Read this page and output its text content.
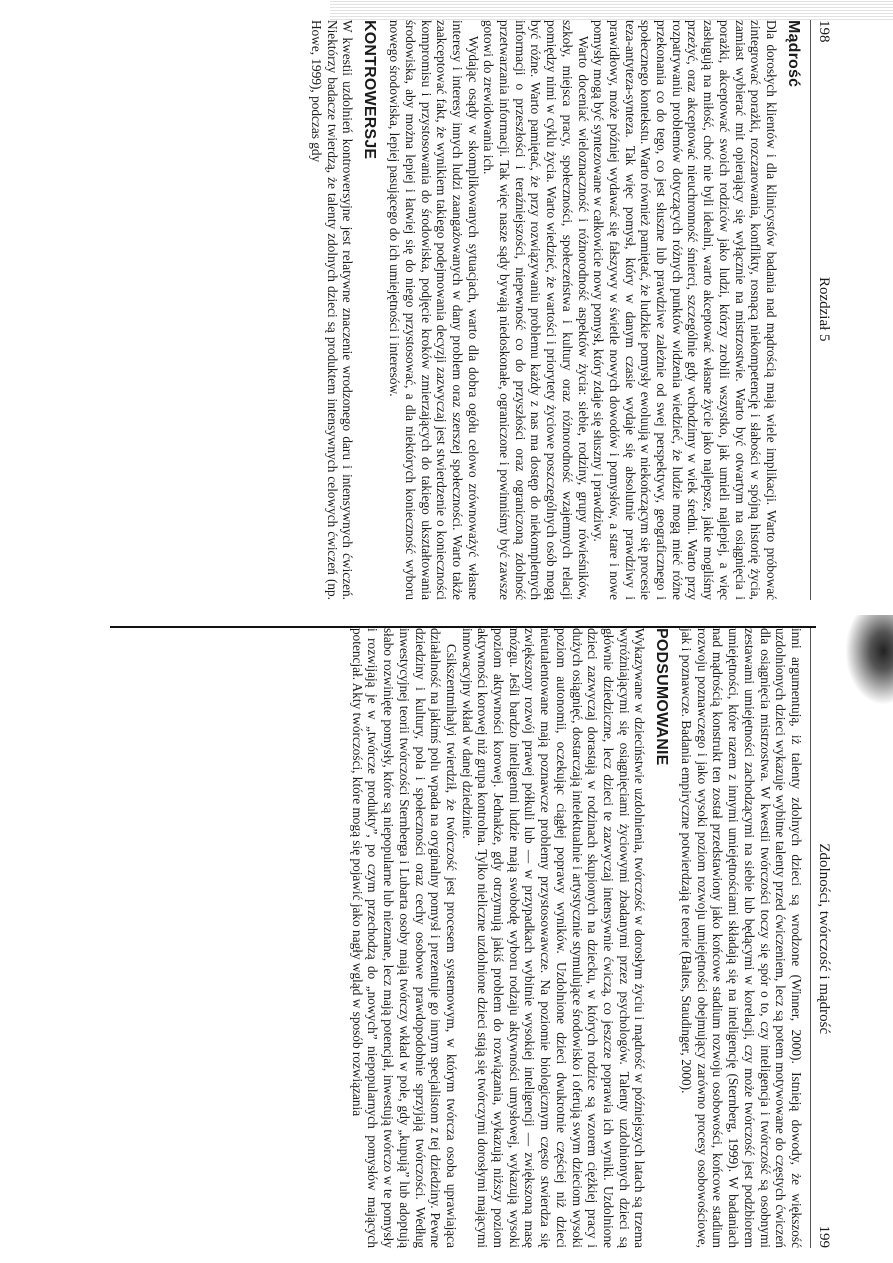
198
Rozdział 5
Mądrość

Dla dorosłych klientów i dla klinicystów badania nad mądrością mają wiele implikacji. Warto próbować zintegrować porażki, rozczarowania, konflikty, rosnącą niekompetencję i słabości w spójną historię życia, zamiast wybierać mit opierający się wyłącznie na mistrzostwie. Warto być otwartym na osiągnięcia i porażki, akceptować swoich rodziców jako ludzi, którzy zrobili wszystko, jak umieli najlepiej, a więc zasługują na miłość, choć nie byli idealni, warto akceptować własne życie jako najlepsze, jakie mogliśmy przeżyć, oraz akceptować nieuchronność śmierci, szczególnie gdy wchodzimy w wiek średni. Warto przy rozpatrywaniu problemów dotyczących różnych punktów widzenia wiedzieć, że ludzie mogą mieć różne przekonania co do tego, co jest słuszne lub prawdziwe zależnie od swej perspektywy, geograficznego i społecznego kontekstu. Warto również pamiętać, że ludzkie pomysły ewoluują w niekończącym się procesie teza-antyteza-synteza. Tak więc pomysł, który w danym czasie wydaje się absolutnie prawdziwy i prawidłowy, może później wydawać się fałszywy w świetle nowych dowodów i pomysłów, a stare i nowe pomysły mogą być syntezowane w całkowicie nowy pomysł, który zdaje się słuszny i prawdziwy.

Warto doceniać wieloznaczność i różnorodność aspektów życia: siebie, rodziny, grupy rówieśników, szkoły, miejsca pracy, społeczności, społeczeństwa i kultury oraz różnorodność wzajemnych relacji pomiędzy nimi w cyklu życia. Warto wiedzieć, że wartości i priorytety życiowe poszczególnych osób mogą być różne. Warto pamiętać, że przy rozwiązywaniu problemu każdy z nas ma dostęp do niekompletnych informacji o przeszłości i teraźniejszości, niepewność co do przyszłości oraz ograniczoną zdolność przetwarzania informacji. Tak więc nasze sądy bywają niedoskonałe, ograniczone i powinniśmy być zawsze gotowi do zrewidowania ich.

Wydając osądy w skomplikowanych sytuacjach, warto dla dobra ogółu celowo zrównoważyć własne interesy i interesy innych ludzi zaangażowanych w dany problem oraz szerszej społeczności. Warto także zaakceptować fakt, że wynikiem takiego podejmowania decyzji zazwyczaj jest stwierdzenie o konieczności kompromisu i przystosowania do środowiska, podjęcie kroków zmierzających do takiego ukształtowania środowiska, aby można lepiej i łatwiej się do niego przystosować, a dla niektórych konieczność wyboru nowego środowiska, lepiej pasującego do ich umiejętności i interesów.

KONTROWERSJE

W kwestii uzdolnień kontrowersyjne jest relatywne znaczenie wrodzonego daru i intensywnych ćwiczeń. Niektórzy badacze twierdzą, że talenty zdolnych dzieci są produktem intensywnych celowych ćwiczeń (np. Howe, 1999), podczas gdy

Zdolności, twórczość i mądrość
199

inni argumentują, iż talenty zdolnych dzieci są wrodzone (Winner, 2000). Istnieją dowody, że większość uzdolnionych dzieci wykazuje wybitne talenty przed ćwiczeniem, lecz są potem motywowane do częstych ćwiczeń dla osiągnięcia mistrzostwa. W kwestii twórczości toczy się spór o to, czy inteligencja i twórczość są osobnymi zestawami umiejętności zachodzącymi na siebie lub będącymi w korelacji, czy może twórczość jest podzbiorem umiejętności, które razem z innymi umiejętnościami składają się na inteligencję (Sternberg, 1999). W badaniach nad mądrością konstrukt ten został przedstawiony jako końcowe stadium rozwoju osobowości, końcowe stadium rozwoju poznawczego i jako wysoki poziom rozwoju umiejętności obejmujący zarówno procesy osobowościowe, jak i poznawcze. Badania empiryczne potwierdzają te teorie (Baltes, Staudinger, 2000).

PODSUMOWANIE

Wykazywane w dzieciństwie uzdolnienia, twórczość w dorosłym życiu i mądrość w późniejszych latach są trzema wyróżniającymi się osiągnięciami życiowymi zbadanymi przez psychologów. Talenty uzdolnionych dzieci są głównie dziedziczne, lecz dzieci te zazwyczaj intensywnie ćwiczą, co jeszcze poprawia ich wyniki. Uzdolnione dzieci zazwyczaj dorastają w rodzinach skupionych na dziecku, w których rodzice są wzorem ciężkiej pracy i dużych osiągnięć, dostarczają intelektualnie i artystycznie stymulujące środowisko i oferują swym dzieciom wysoki poziom autonomii, oczekując ciągłej poprawy wyników. Uzdolnione dzieci dwukrotnie częściej niż dzieci nieutalentowane mają poznawcze problemy przystosowawcze. Na poziomie biologicznym często stwierdza się zwiększony rozwój prawej półkuli lub — w przypadkach wybitnie wysokiej inteligencji — zwiększoną masę mózgu. Jeśli bardzo inteligentni ludzie mają swobodę wyboru rodzaju aktywności umysłowej, wykazują wysoki poziom aktywności korowej. Jednakże, gdy otrzymują jakiś problem do rozwiązania, wykazują niższy poziom aktywności korowej niż grupa kontrolna. Tylko nieliczne uzdolnione dzieci stają się twórczymi dorosłymi mającymi innowacyjny wkład w danej dziedzinie.

Csikszentmihalyi twierdził, że twórczość jest procesem systemowym, w którym twórcza osoba uprawiająca działalność na jakimś polu wpada na oryginalny pomysł i prezentuje go innym specjalistom z tej dziedziny. Pewne dziedziny i kultury, pola i społeczności oraz cechy osobowe prawdopodobnie sprzyjają twórczości. Według inwestycyjnej teorii twórczości Sternberga i Lubarta osoby mają twórczy wkład w pole, gdy „kupują” lub adoptują słabo rozwinięte pomysły, które są niepopularne lub nieznane, lecz mają potencjał, inwestują twórczo w te pomysły i rozwijają je w „twórcze produkty”, po czym przechodzą do „nowych” niepopularnych pomysłów mających potencjał. Akty twórczości, które mogą się pojawić jako nagły wgląd w sposób rozwiązania
